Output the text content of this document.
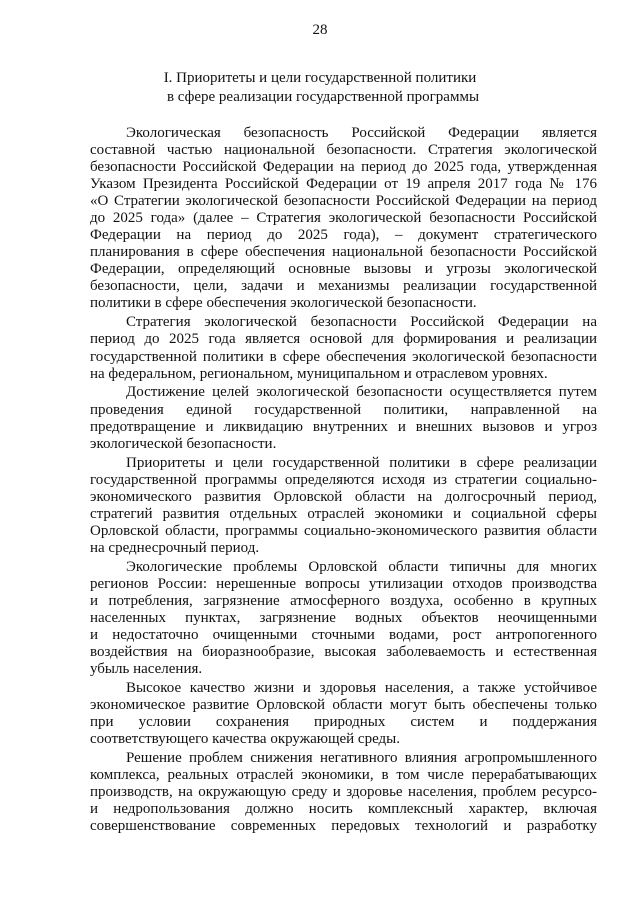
28
I. Приоритеты и цели государственной политики
в сфере реализации государственной программы
Экологическая безопасность Российской Федерации является
составной частью национальной безопасности. Стратегия экологической
безопасности Российской Федерации на период до 2025 года, утвержденная
Указом Президента Российской Федерации от 19 апреля 2017 года № 176
«О Стратегии экологической безопасности Российской Федерации на период
до 2025 года» (далее – Стратегия экологической безопасности Российской
Федерации на период до 2025 года), – документ стратегического
планирования в сфере обеспечения национальной безопасности Российской
Федерации, определяющий основные вызовы и угрозы экологической
безопасности, цели, задачи и механизмы реализации государственной
политики в сфере обеспечения экологической безопасности.
Стратегия экологической безопасности Российской Федерации на
период до 2025 года является основой для формирования и реализации
государственной политики в сфере обеспечения экологической безопасности
на федеральном, региональном, муниципальном и отраслевом уровнях.
Достижение целей экологической безопасности осуществляется путем
проведения единой государственной политики, направленной на
предотвращение и ликвидацию внутренних и внешних вызовов и угроз
экологической безопасности.
Приоритеты и цели государственной политики в сфере реализации
государственной программы определяются исходя из стратегии социально-
экономического развития Орловской области на долгосрочный период,
стратегий развития отдельных отраслей экономики и социальной сферы
Орловской области, программы социально-экономического развития области
на среднесрочный период.
Экологические проблемы Орловской области типичны для многих
регионов России: нерешенные вопросы утилизации отходов производства
и потребления, загрязнение атмосферного воздуха, особенно в крупных
населенных пунктах, загрязнение водных объектов неочищенными
и недостаточно очищенными сточными водами, рост антропогенного
воздействия на биоразнообразие, высокая заболеваемость и естественная
убыль населения.
Высокое качество жизни и здоровья населения, а также устойчивое
экономическое развитие Орловской области могут быть обеспечены только
при условии сохранения природных систем и поддержания
соответствующего качества окружающей среды.
Решение проблем снижения негативного влияния агропромышленного
комплекса, реальных отраслей экономики, в том числе перерабатывающих
производств, на окружающую среду и здоровье населения, проблем ресурсо-
и недропользования должно носить комплексный характер, включая
совершенствование современных передовых технологий и разработку
